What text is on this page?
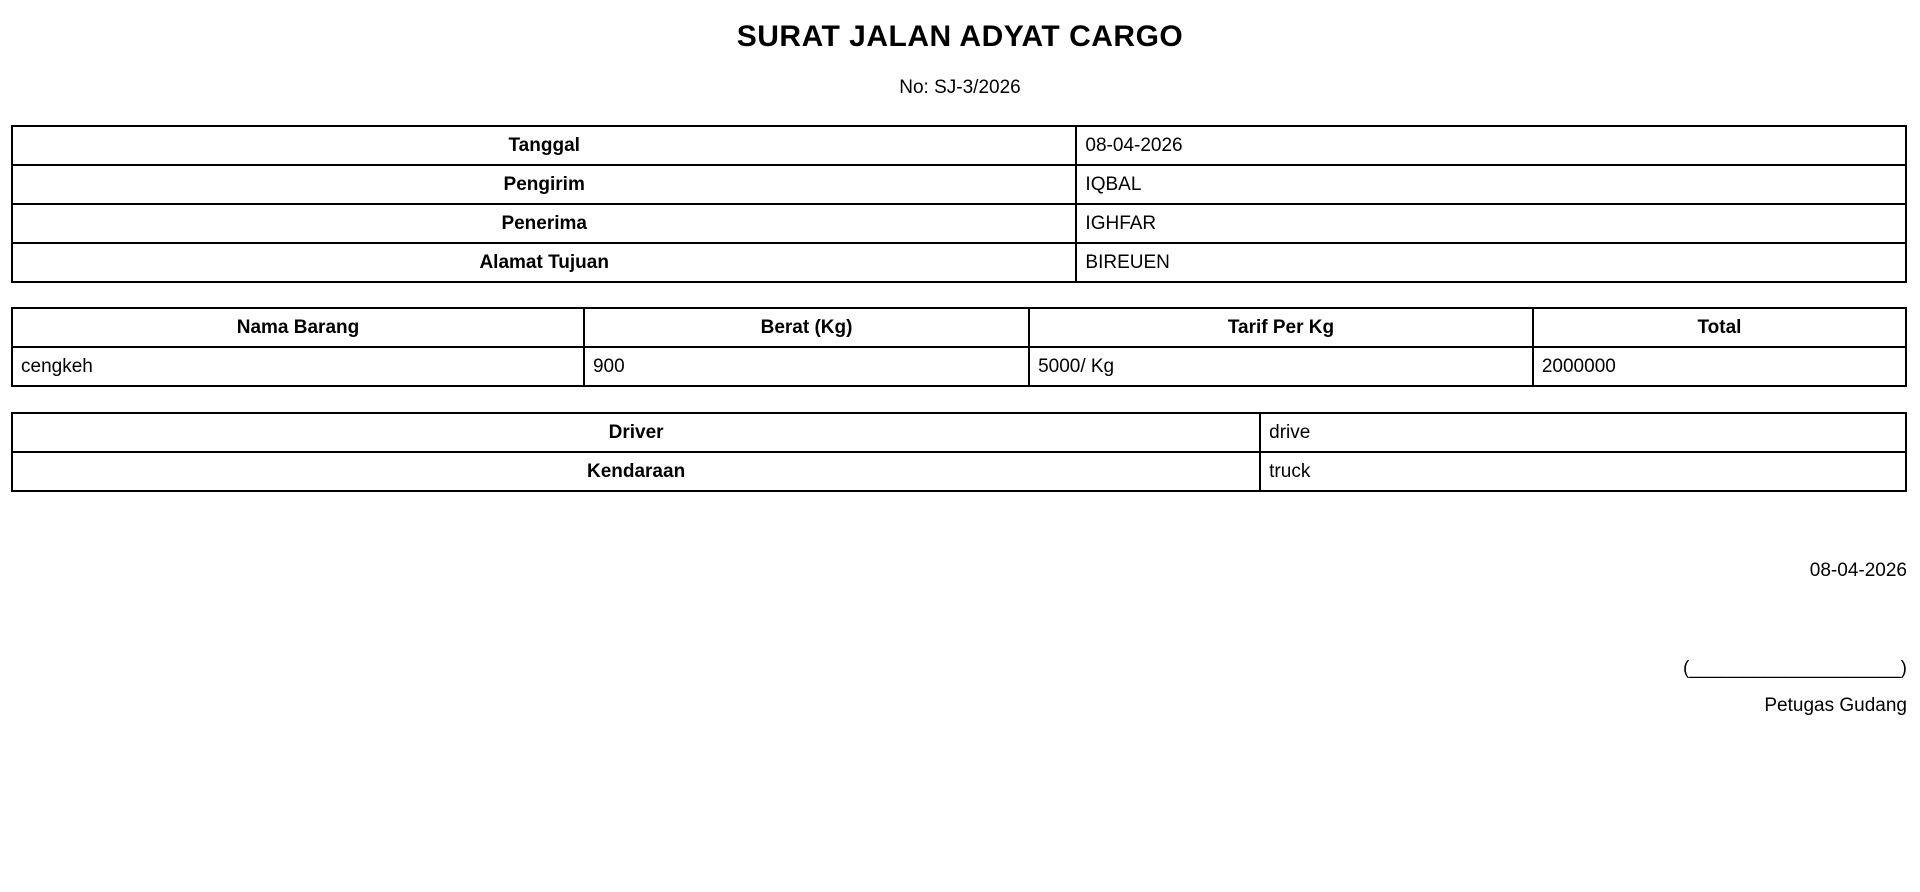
SURAT JALAN ADYAT CARGO
No: SJ-3/2026
Tanggal	08-04-2026
Pengirim	IQBAL
Penerima	IGHFAR
Alamat Tujuan	BIREUEN
Nama Barang	Berat (Kg)	Tarif Per Kg	Total
cengkeh	900	5000/ Kg	2000000
Driver	drive
Kendaraan	truck
08-04-2026
(____________________)
Petugas Gudang
